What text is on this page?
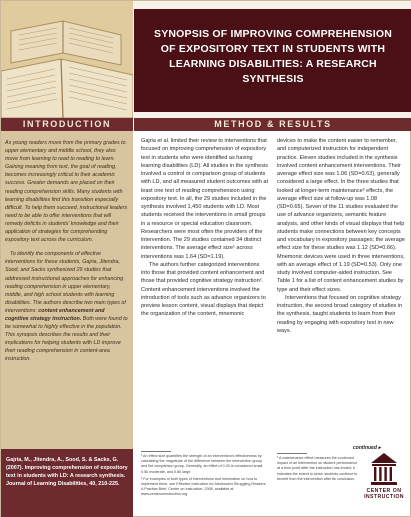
SYNOPSIS OF IMPROVING COMPREHENSION
OF EXPOSITORY TEXT IN STUDENTS WITH
LEARNING DISABILITIES: A RESEARCH SYNTHESIS
INTRODUCTION	METHOD & RESULTS

As young readers move from the primary grades to upper elementary and middle school, they also move from learning to read to reading to learn. Gaining meaning from text, the goal of reading, becomes increasingly critical to their academic success. Greater demands are placed on their reading comprehension skills. Many students with learning disabilities find this transition especially difficult. To help them succeed, instructional leaders need to be able to offer interventions that will remedy deficits in students' knowledge and their application of strategies for comprehending expository text across the curriculum.

To identify the components of effective interventions for these students, Gajria, Jitendra, Sood, and Sacks synthesized 29 studies that addressed instructional approaches for enhancing reading comprehension in upper elementary, middle, and high school students with learning disabilities. The authors describe two main types of interventions: content enhancement and cognitive strategy instruction. Both were found to be somewhat to highly effective in the population. This synopsis describes the results and their implications for helping students with LD improve their reading comprehension in content-area instruction.

Gajria, M., Jitendra, A., Sood, S. & Sacks, G. (2007). Improving comprehension of expository text in students with LD: A research synthesis. Journal of Learning Disabilities, 40, 210-225.

Gajria et al. limited their review to interventions that focused on improving comprehension of expository text in students who were identified as having learning disabilities (LD). All studies in the synthesis involved a control or comparison group of students with LD, and all measured student outcomes with at least one test of reading comprehension using expository text. In all, the 29 studies included in the synthesis involved 1,450 students with LD. Most students received the interventions in small groups in a resource or special education classroom. Researchers were most often the providers of the intervention. The 29 studies contained 34 distinct interventions. The average effect size¹ across interventions was 1.64 (SD=1.19).

The authors further categorized interventions into those that provided content enhancement and those that provided cognitive strategy instruction². Content enhancement interventions involved the introduction of tools such as advance organizers to preview lesson content, visual displays that depict the organization of the content, mnemonic

devices to make the content easier to remember, and computerized instruction for independent practice. Eleven studies included in the synthesis involved content enhancement interventions. Their average effect size was 1.06 (SD=0.63), generally considered a large effect. In the three studies that looked at longer-term maintenance³ effects, the average effect size at follow-up was 1.08 (SD=0.65). Seven of the 11 studies evaluated the use of advance organizers, semantic feature analysis, and other kinds of visual displays that help students make connections between key concepts and vocabulary in expository passages; the average effect size for these studies was 1.12 (SD=0.66). Mnemonic devices were used in three interventions, with an average effect of 1.19 (SD=0.53). Only one study involved computer-aided instruction. See Table 1 for a list of content enhancement studies by type and their effect sizes.

Interventions that focused on cognitive strategy instruction, the second broad category of studies in the synthesis, taught students to learn from their reading by engaging with expository text in new ways.

continued ▸

¹ An effect size quantifies the strength of an intervention's effectiveness by calculating the magnitude of the difference between the intervention group and the comparison group. Generally, an effect of 0.20 is considered small, 0.50 moderate, and 0.80 large.

² For examples of both types of interventions and information on how to implement them, see Effective Instruction for Adolescent Struggling Readers: A Practice Brief, Center on Instruction, 2008, available at www.centeroninstruction.org.

³ A maintenance effect measures the continued impact of an intervention on student performance at a time point after the instruction has ended; it indicates the extent to which students continue to benefit from the intervention after its conclusion.

CENTER ON
INSTRUCTION
